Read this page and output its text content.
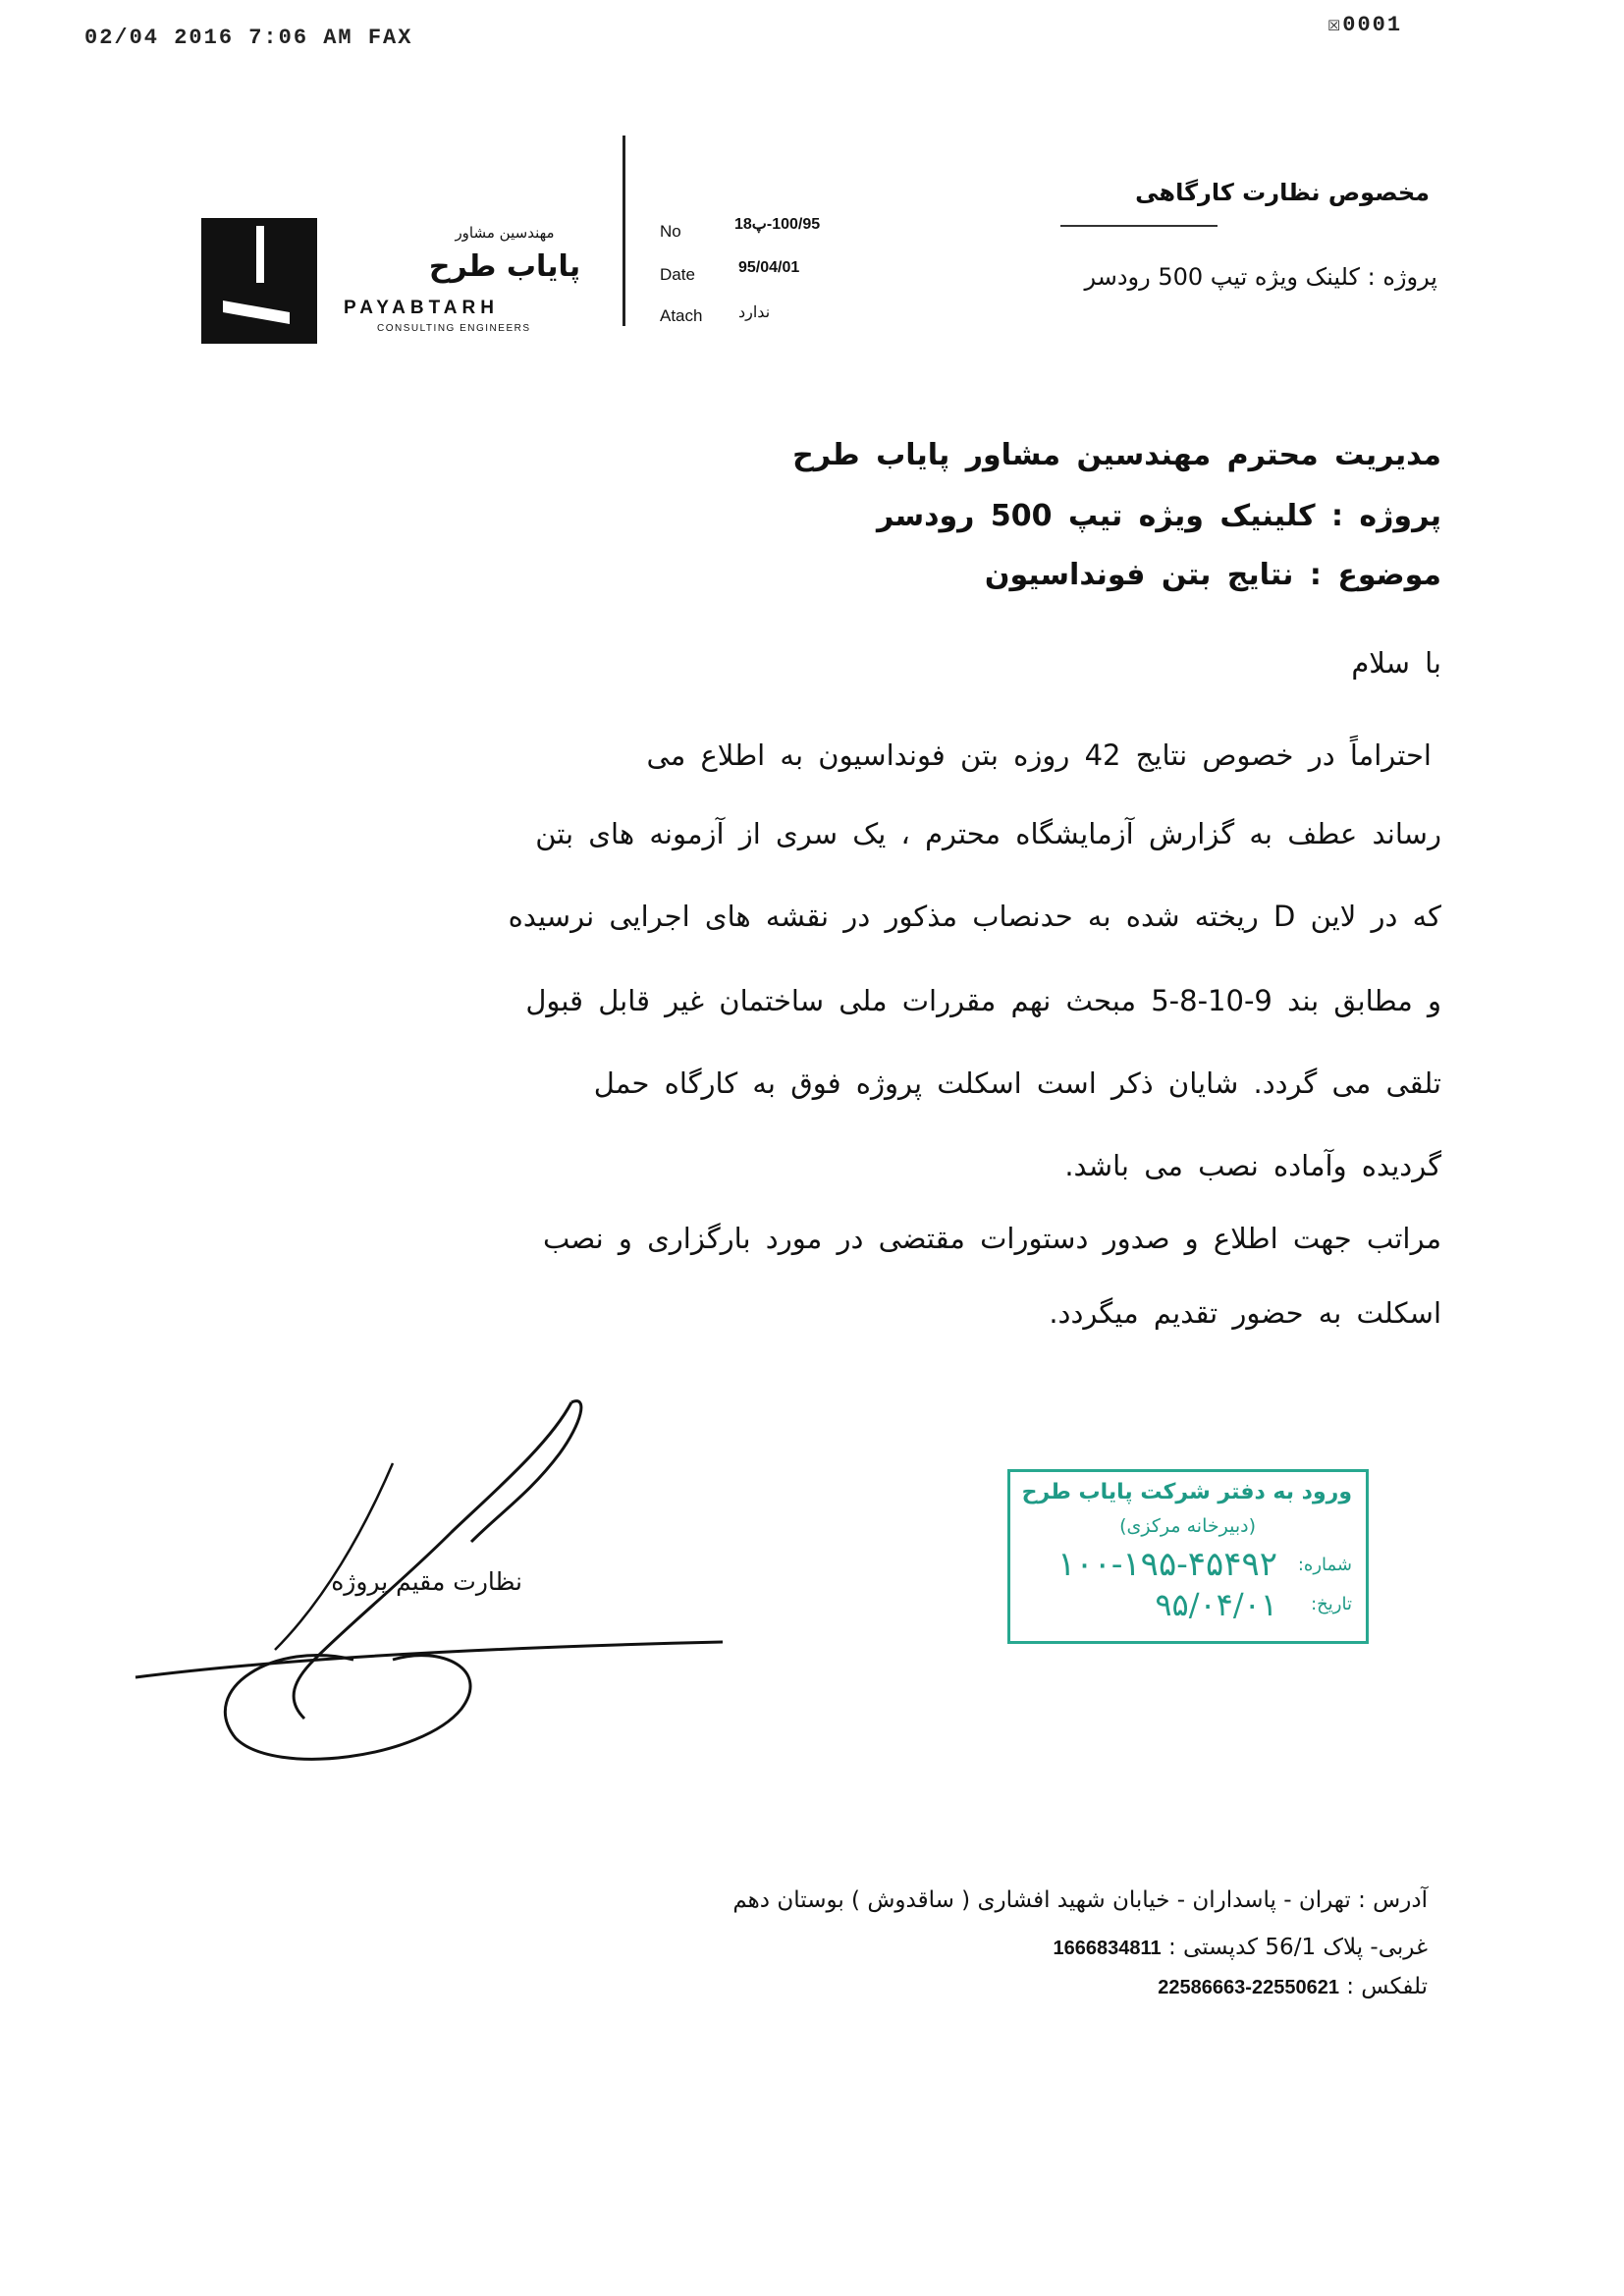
02/04 2016 7:06 AM FAX
☒0001
مهندسین مشاور
پایاب طرح
PAYABTARH
CONSULTING ENGINEERS
No	100/95-پ18
Date	95/04/01
Atach ندارد
مخصوص نظارت کارگاهی
پروژه : کلینک ویژه تیپ 500 رودسر
مدیریت محترم مهندسین مشاور پایاب طرح
پروژه : کلینیک ویژه تیپ 500 رودسر
موضوع : نتایج بتن فونداسیون
با سلام
احتراماً در خصوص نتایج 42 روزه بتن فونداسیون به اطلاع می
رساند عطف به گزارش آزمایشگاه محترم ، یک سری از آزمونه های بتن
که در لاین D ریخته شده به حدنصاب مذکور در نقشه های اجرایی نرسیده
و مطابق بند 9-10-8-5 مبحث نهم مقررات ملی ساختمان غیر قابل قبول
تلقی می گردد. شایان ذکر است اسکلت پروژه فوق به کارگاه حمل
گردیده وآماده نصب می باشد.
مراتب جهت اطلاع و صدور دستورات مقتضی در مورد بارگزاری و نصب
اسکلت به حضور تقدیم میگردد.
نظارت مقیم پروژه
ورود به دفتر شرکت پایاب طرح
(دبیرخانه مرکزی)
شماره:
۱۰۰-۱۹۵-۴۵۴۹۲
تاریخ:
۹۵/۰۴/۰۱
آدرس : تهران - پاسداران - خیابان شهید افشاری ( ساقدوش ) بوستان دهم
غربی- پلاک 56/1 کدپستی : 1666834811
تلفکس : 22550621-22586663
